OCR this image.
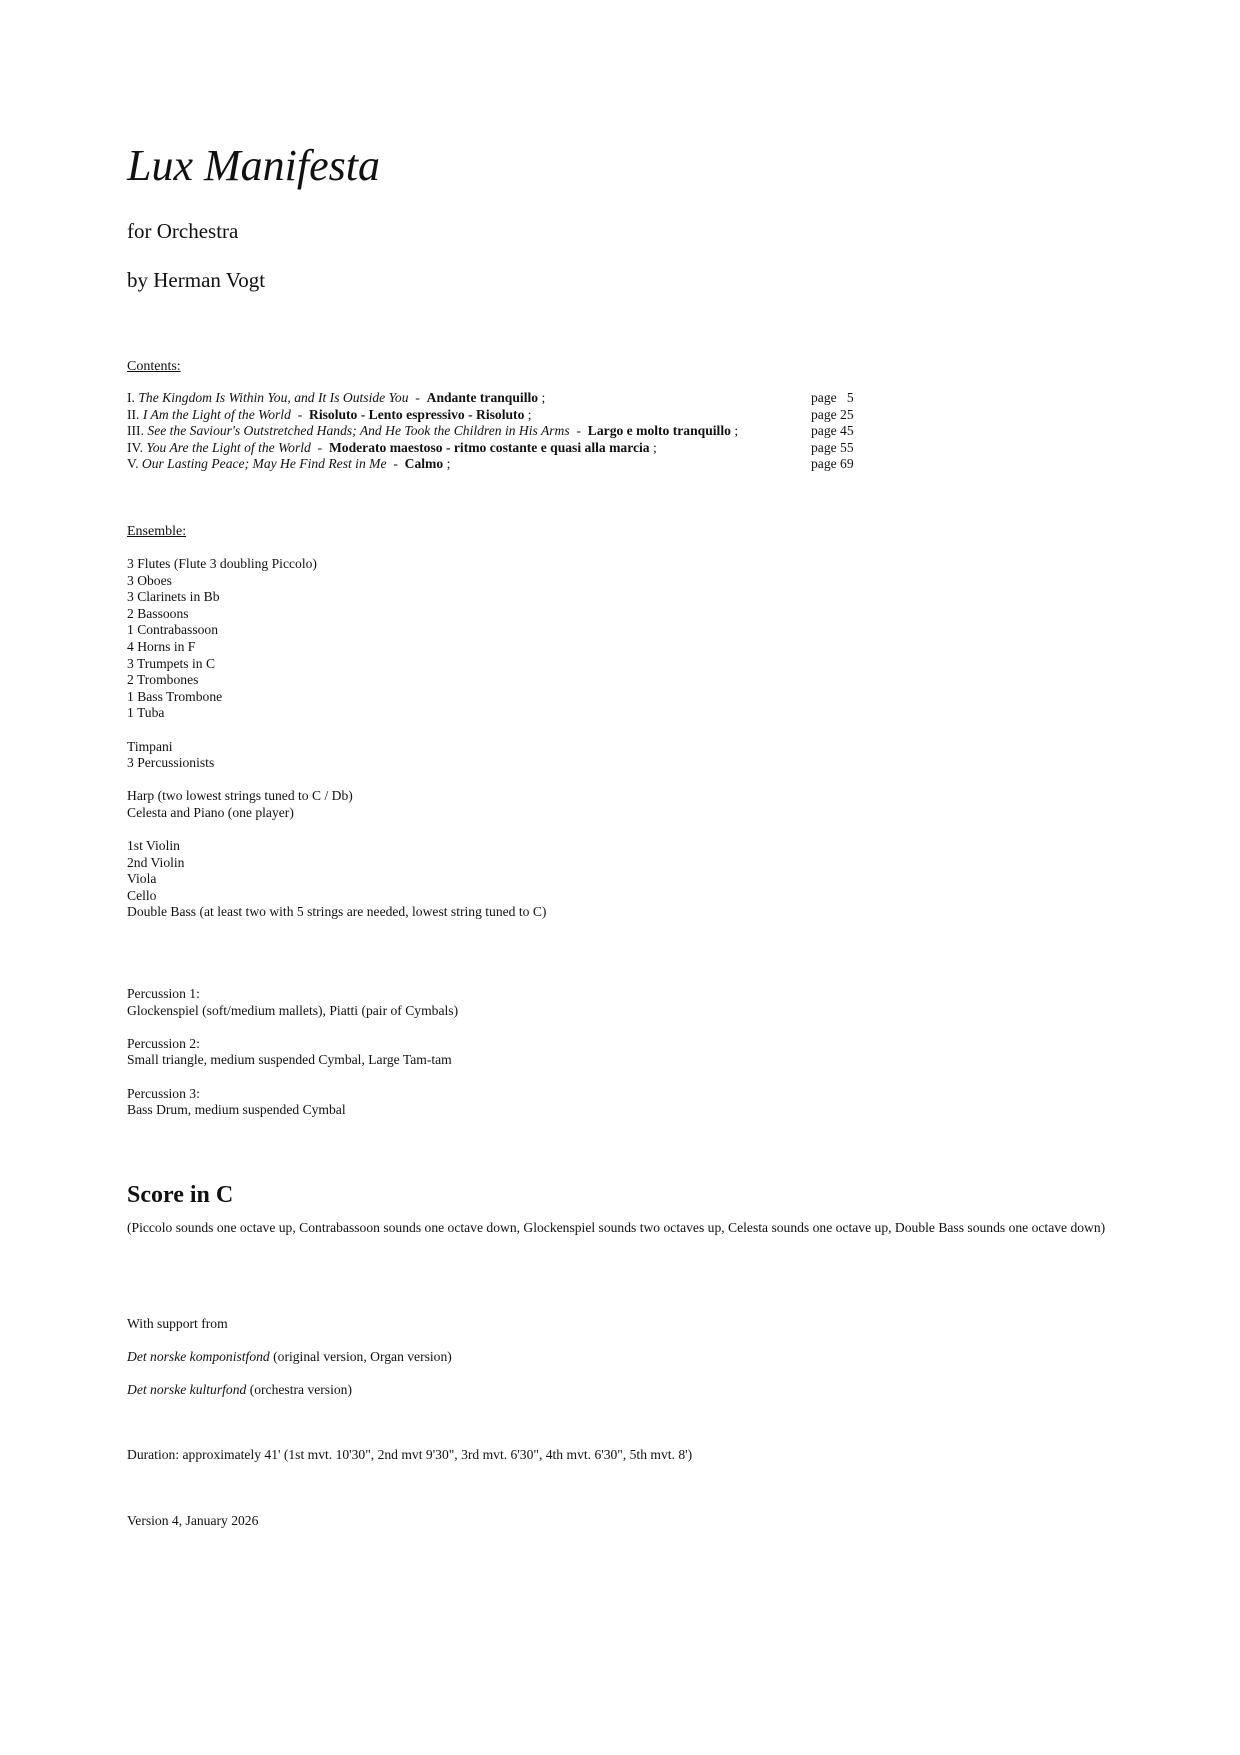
Lux Manifesta
for Orchestra
by Herman Vogt
Contents:
I. The Kingdom Is Within You, and It Is Outside You - Andante tranquillo ;	page   5
II. I Am the Light of the World - Risoluto - Lento espressivo - Risoluto ;	page 25
III. See the Saviour's Outstretched Hands; And He Took the Children in His Arms - Largo e molto tranquillo ;	page 45
IV. You Are the Light of the World - Moderato maestoso - ritmo costante e quasi alla marcia ;	page 55
V. Our Lasting Peace; May He Find Rest in Me - Calmo ;	page 69
Ensemble:
3 Flutes (Flute 3 doubling Piccolo)
3 Oboes
3 Clarinets in Bb
2 Bassoons
1 Contrabassoon
4 Horns in F
3 Trumpets in C
2 Trombones
1 Bass Trombone
1 Tuba
Timpani
3 Percussionists
Harp (two lowest strings tuned to C / Db)
Celesta and Piano (one player)
1st Violin
2nd Violin
Viola
Cello
Double Bass (at least two with 5 strings are needed, lowest string tuned to C)
Percussion 1:
Glockenspiel (soft/medium mallets), Piatti (pair of Cymbals)
Percussion 2:
Small triangle, medium suspended Cymbal, Large Tam-tam
Percussion 3:
Bass Drum, medium suspended Cymbal
Score in C
(Piccolo sounds one octave up, Contrabassoon sounds one octave down, Glockenspiel sounds two octaves up, Celesta sounds one octave up, Double Bass sounds one octave down)
With support from
Det norske komponistfond (original version, Organ version)
Det norske kulturfond (orchestra version)
Duration: approximately 41' (1st mvt. 10'30", 2nd mvt 9'30", 3rd mvt. 6'30", 4th mvt. 6'30", 5th mvt. 8')
Version 4, January 2026
